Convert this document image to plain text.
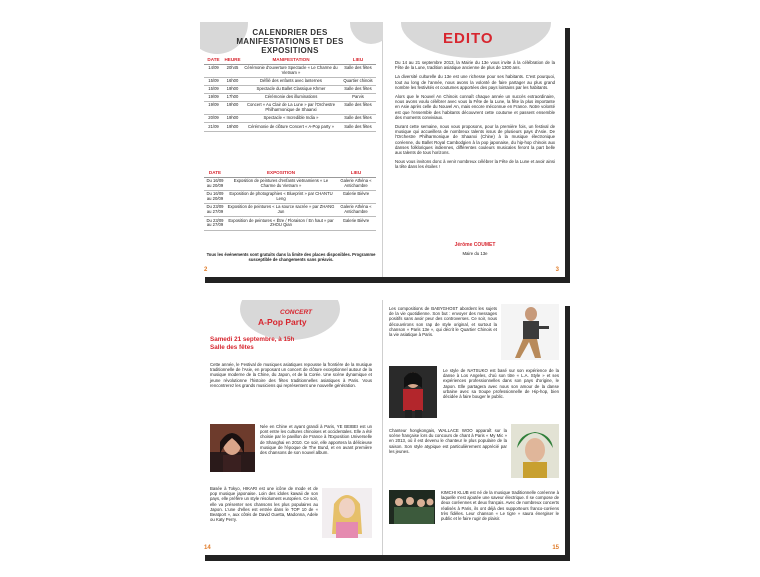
CALENDRIER DES
MANIFESTATIONS ET DES EXPOSITIONS
DATE	HEURE	MANIFESTATION	LIEU
14/09	20h45	Cérémonie d'ouverture Spectacle « Le Charme du Vietnam »	Salle des fêtes
15/09	16h00	Défilé des enfants avec lanternes	Quartier chinois
15/09	19h00	Spectacle du Ballet Classique Khmer	Salle des fêtes
19/09	17h00	Cérémonie des illuminations	Parvis
19/09	19h00	Concert « Au Clair de La Lune » par l'Orchestre Philharmonique de Shaanxi	Salle des fêtes
20/09	19h00	Spectacle « Incredible India »	Salle des fêtes
21/09	19h00	Cérémonie de clôture Concert « A-Pop party »	Salle des fêtes
DATE	EXPOSITION	LIEU
Du 16/09 au 20/09	Exposition de peintures d'enfants vietnamiens « Le Charme du Vietnam »	Galerie Athéna « Antichambre
Du 16/09 au 20/09	Exposition de photographies « Blueprint » par CHANTU Leng	Galerie Bièvre
Du 23/09 au 27/09	Exposition de peintures « La source sacrée » par ZHANG Jun	Galerie Athéna « Antichambre
Du 23/09 au 27/09	Exposition de peintures « Être / Floraison / En haut » par ZHOU Qian	Galerie Bièvre
Tous les événements sont gratuits dans la limite des places disponibles. Programme susceptible de changements sans préavis.
2
EDITO

Du 14 au 21 septembre 2013, la Mairie du 13e vous invite à la célébration de la Fête de la Lune, tradition asiatique ancienne de plus de 1300 ans.

La diversité culturelle du 13e est une richesse pour ses habitants. C'est pourquoi, tout au long de l'année, nous avons la volonté de faire partager au plus grand nombre les festivités et coutumes apportées des pays lointains par les habitants.

Alors que le Nouvel An Chinois connaît chaque année un succès extraordinaire, nous avons voulu célébrer avec vous la Fête de la Lune, la fête la plus importante en Asie après celle du Nouvel An, mais encore méconnue en France. Notre volonté est que l'ensemble des habitants découvrent cette coutume et passent ensemble des moments conviviaux.

Durant cette semaine, nous vous proposons, pour la première fois, un festival de musique qui accueillera de nombreux talents issus de plusieurs pays d'Asie. De l'Orchestre Philharmonique de Shaanxi (Chine) à la musique électronique coréenne, du Ballet Royal Cambodgien à la pop japonaise, du hip-hop chinois aux danses folkloriques indiennes, différentes couleurs musicales feront la part belle aux talents de tous horizons.

Nous vous invitons donc à venir nombreux célébrer la Fête de la Lune et avoir ainsi la tête dans les étoiles !

Jérôme COUMET
Maire du 13e
3
CONCERT
A-Pop Party
Samedi 21 septembre, à 15h
Salle des fêtes
Cette année, le Festival de musiques asiatiques repousse la frontière de la musique traditionnelle de l'Asie, en proposant un concert de clôture exceptionnel autour de la musique moderne de la Chine, du Japon, et de la Corée. Une scène dynamique et jeune révolutionne l'histoire des fêtes traditionnelles asiatiques à Paris. Vous rencontrerez les grands musiciens qui représentent une nouvelle génération.
Née en Chine et ayant grandi à Paris, YE BEIBEI est un pont entre les cultures chinoises et occidentales. Elle a été choisie par le pavillon de France à l'Exposition Universelle de Shanghai en 2010. Ce soir, elle apportera la délicieuse musique de l'époque de The Bund, et en avant première des chansons de son nouvel album.
Basée à Tokyo, HIKARI est une icône de mode et de pop musique japonaise. Loin des idoles kawaii de son pays, elle préfère un style résolument européen. Ce soir, elle va présenter ses chansons les plus populaires au Japon. L'une d'elles est entrée dans le TOP 10 de « Beatport », aux côtés de David Guetta, Madonna, Adele ou Katy Perry.
14
Les compositions de BABYGHOST abordent les sujets de la vie quotidienne. Son but : envoyer des messages positifs sans avoir peur des controverses. Ce soir, nous découvrirons son rap de style original, et surtout la chanson « Paris 13e », qui décrit le Quartier Chinois et la vie asiatique à Paris.
Le style de NATSUKO est basé sur son expérience de la danse à Los Angeles, d'où son titre « L.A. Style » et ses expériences professionnelles dans son pays d'origine, le Japon. Elle partagera avec nous son amour de la danse urbaine avec sa troupe professionnelle de Hip-hop, bien décidée à faire bouger le public.
Chanteur hongkongais, WALLACE WOO apparaît sur la scène française lors du concours de chant à Paris « My Mic » en 2013, où il est devenu le chanteur le plus populaire de la saison. Son style atypique est particulièrement apprécié par les jeunes.
KIMCHI KLUB est né de la musique traditionnelle coréenne à laquelle s'est ajoutée une saveur électrique. Il se compose de deux coréennes et deux français. Avec de nombreux concerts réalisés à Paris, ils ont déjà des supporteurs franco-coréens très fidèles. Leur chanson « Le tigre » saura énergiser le public et le faire rugir de plaisir.
15
